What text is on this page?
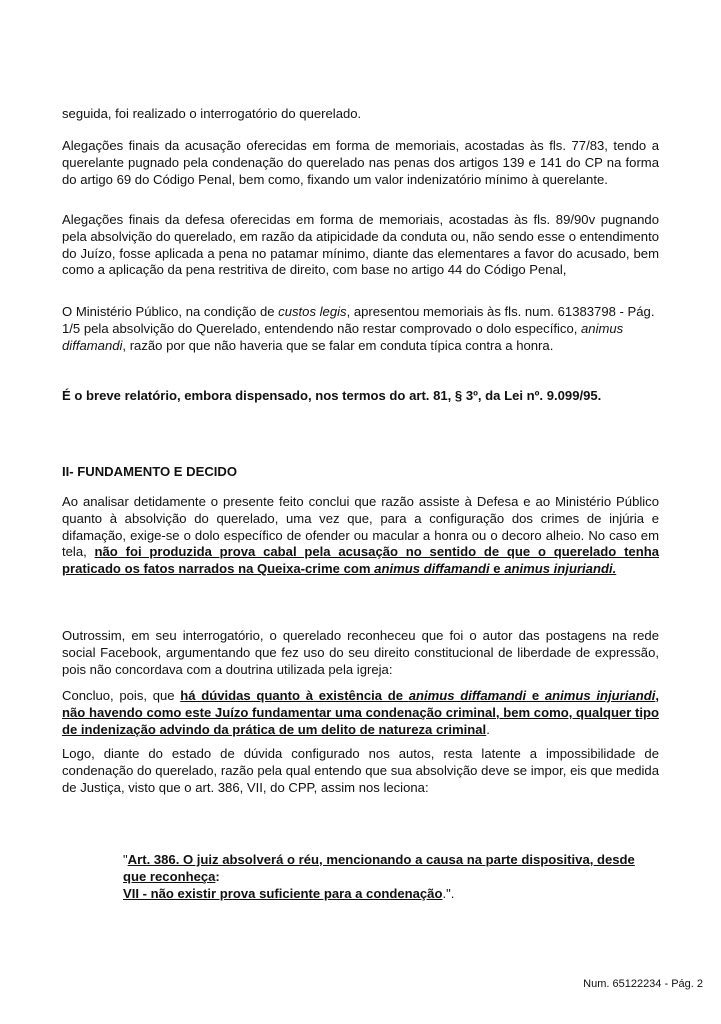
seguida, foi realizado o interrogatório do querelado.

Alegações finais da acusação oferecidas em forma de memoriais, acostadas às fls. 77/83, tendo a querelante pugnado pela condenação do querelado nas penas dos artigos 139 e 141 do CP na forma do artigo 69 do Código Penal, bem como, fixando um valor indenizatório mínimo à querelante.

Alegações finais da defesa oferecidas em forma de memoriais, acostadas às fls. 89/90v pugnando pela absolvição do querelado, em razão da atipicidade da conduta ou, não sendo esse o entendimento do Juízo, fosse aplicada a pena no patamar mínimo, diante das elementares a favor do acusado, bem como a aplicação da pena restritiva de direito, com base no artigo 44 do Código Penal,

O Ministério Público, na condição de custos legis, apresentou memoriais às fls. num. 61383798 - Pág. 1/5 pela absolvição do Querelado, entendendo não restar comprovado o dolo específico, animus diffamandi, razão por que não haveria que se falar em conduta típica contra a honra.

É o breve relatório, embora dispensado, nos termos do art. 81, § 3º, da Lei nº. 9.099/95.

II- FUNDAMENTO E DECIDO

Ao analisar detidamente o presente feito conclui que razão assiste à Defesa e ao Ministério Público quanto à absolvição do querelado, uma vez que, para a configuração dos crimes de injúria e difamação, exige-se o dolo específico de ofender ou macular a honra ou o decoro alheio. No caso em tela, não foi produzida prova cabal pela acusação no sentido de que o querelado tenha praticado os fatos narrados na Queixa-crime com animus diffamandi e animus injuriandi.

Outrossim, em seu interrogatório, o querelado reconheceu que foi o autor das postagens na rede social Facebook, argumentando que fez uso do seu direito constitucional de liberdade de expressão, pois não concordava com a doutrina utilizada pela igreja:

Concluo, pois, que há dúvidas quanto à existência de animus diffamandi e animus injuriandi, não havendo como este Juízo fundamentar uma condenação criminal, bem como, qualquer tipo de indenização advindo da prática de um delito de natureza criminal.

Logo, diante do estado de dúvida configurado nos autos, resta latente a impossibilidade de condenação do querelado, razão pela qual entendo que sua absolvição deve se impor, eis que medida de Justiça, visto que o art. 386, VII, do CPP, assim nos leciona:

"Art. 386. O juiz absolverá o réu, mencionando a causa na parte dispositiva, desde que reconheça:
VII - não existir prova suficiente para a condenação.".

Num. 65122234 - Pág. 2
